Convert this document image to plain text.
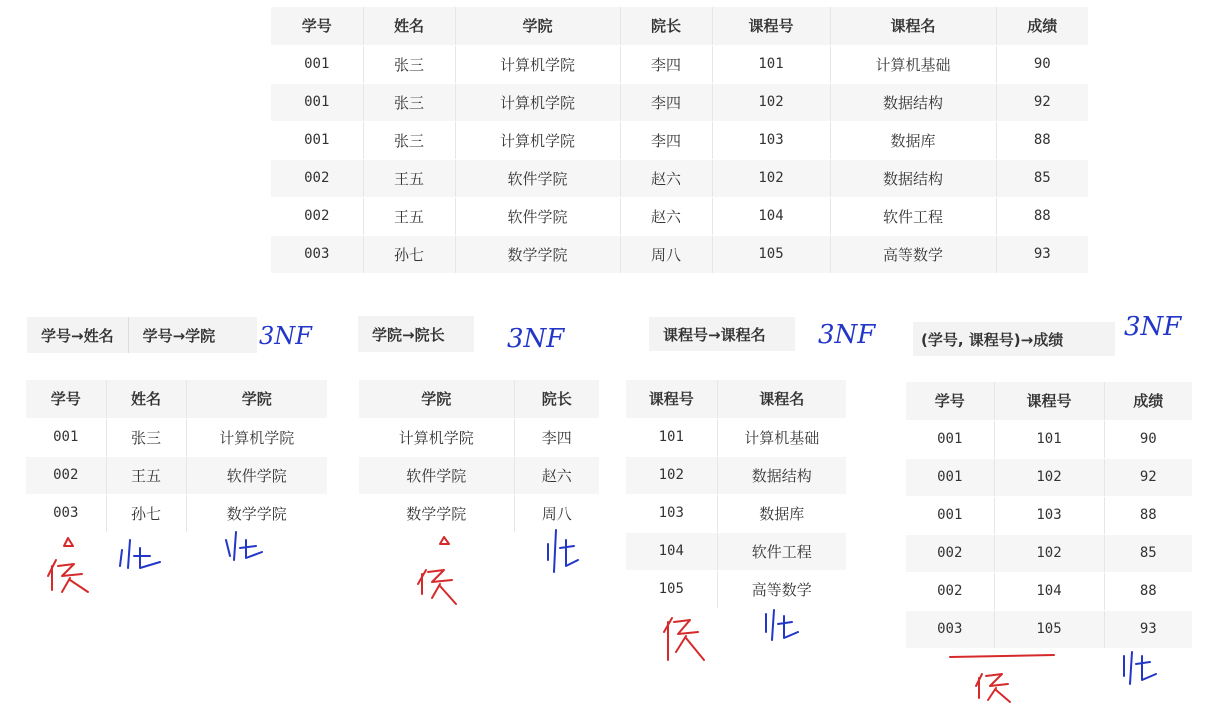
学号	姓名	学院	院长	课程号	课程名	成绩
001	张三	计算机学院	李四	101	计算机基础	90
001	张三	计算机学院	李四	102	数据结构	92
001	张三	计算机学院	李四	103	数据库	88
002	王五	软件学院	赵六	102	数据结构	85
002	王五	软件学院	赵六	104	软件工程	88
003	孙七	数学学院	周八	105	高等数学	93
学号→姓名	学号→学院	学院→院长	课程号→课程名	(学号, 课程号)→成绩
学号	姓名	学院
001	张三	计算机学院
002	王五	软件学院
003	孙七	数学学院
学院	院长
计算机学院	李四
软件学院	赵六
数学学院	周八
课程号	课程名
101	计算机基础
102	数据结构
103	数据库
104	软件工程
105	高等数学
学号	课程号	成绩
001	101	90
001	102	92
001	103	88
002	102	85
002	104	88
003	105	93
3NF	3NF	3NF	3NF
